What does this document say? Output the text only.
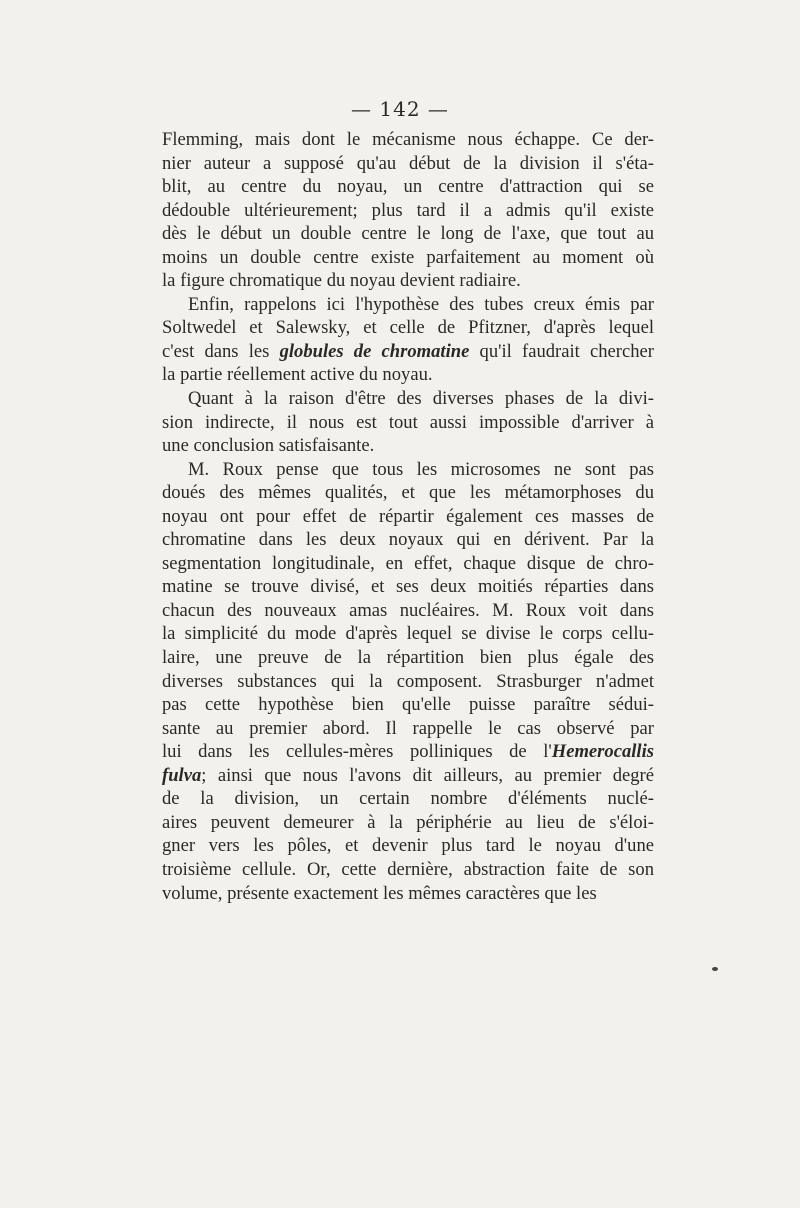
— 142 —
Flemming, mais dont le mécanisme nous échappe. Ce der-
nier auteur a supposé qu'au début de la division il s'éta-
blit, au centre du noyau, un centre d'attraction qui se
dédouble ultérieurement; plus tard il a admis qu'il existe
dès le début un double centre le long de l'axe, que tout au
moins un double centre existe parfaitement au moment où
la figure chromatique du noyau devient radiaire.
Enfin, rappelons ici l'hypothèse des tubes creux émis par
Soltwedel et Salewsky, et celle de Pfitzner, d'après lequel
c'est dans les globules de chromatine qu'il faudrait chercher
la partie réellement active du noyau.
Quant à la raison d'être des diverses phases de la divi-
sion indirecte, il nous est tout aussi impossible d'arriver à
une conclusion satisfaisante.
M. Roux pense que tous les microsomes ne sont pas
doués des mêmes qualités, et que les métamorphoses du
noyau ont pour effet de répartir également ces masses de
chromatine dans les deux noyaux qui en dérivent. Par la
segmentation longitudinale, en effet, chaque disque de chro-
matine se trouve divisé, et ses deux moitiés réparties dans
chacun des nouveaux amas nucléaires. M. Roux voit dans
la simplicité du mode d'après lequel se divise le corps cellu-
laire, une preuve de la répartition bien plus égale des
diverses substances qui la composent. Strasburger n'admet
pas cette hypothèse bien qu'elle puisse paraître sédui-
sante au premier abord. Il rappelle le cas observé par
lui dans les cellules-mères polliniques de l'Hemerocallis
fulva; ainsi que nous l'avons dit ailleurs, au premier degré
de la division, un certain nombre d'éléments nuclé-
aires peuvent demeurer à la périphérie au lieu de s'éloi-
gner vers les pôles, et devenir plus tard le noyau d'une
troisième cellule. Or, cette dernière, abstraction faite de son
volume, présente exactement les mêmes caractères que les
